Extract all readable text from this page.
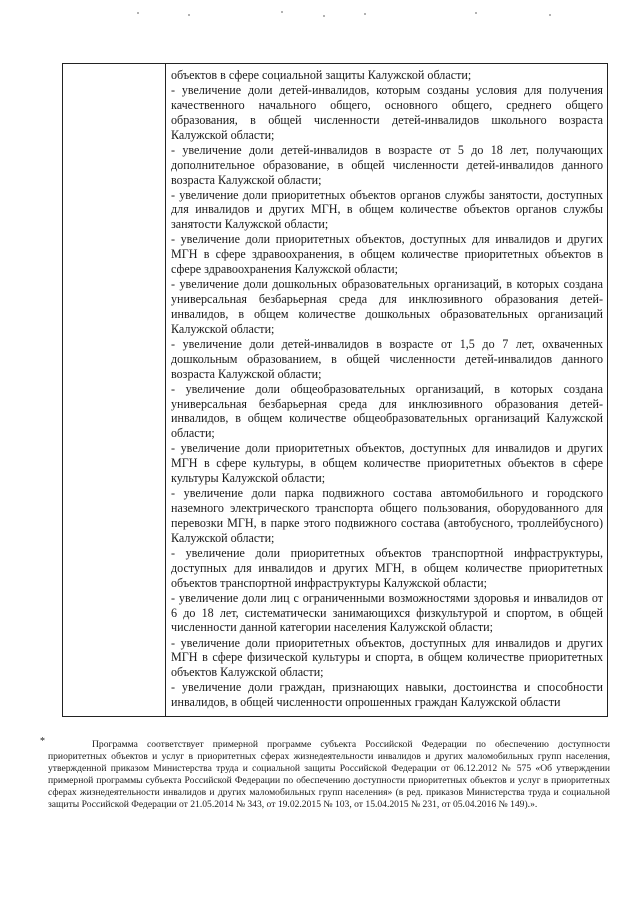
объектов в сфере социальной защиты Калужской области;

- увеличение доли детей-инвалидов, которым созданы условия для получения качественного начального общего, основного общего, среднего общего образования, в общей численности детей-инвалидов школьного возраста Калужской области;

- увеличение доли детей-инвалидов в возрасте от 5 до 18 лет, получающих дополнительное образование, в общей численности детей-инвалидов данного возраста Калужской области;

- увеличение доли приоритетных объектов органов службы занятости, доступных для инвалидов и других МГН, в общем количестве объектов органов службы занятости Калужской области;

- увеличение доли приоритетных объектов, доступных для инвалидов и других МГН в сфере здравоохранения, в общем количестве приоритетных объектов в сфере здравоохранения Калужской области;

- увеличение доли дошкольных образовательных организаций, в которых создана универсальная безбарьерная среда для инклюзивного образования детей-инвалидов, в общем количестве дошкольных образовательных организаций Калужской области;

- увеличение доли детей-инвалидов в возрасте от 1,5 до 7 лет, охваченных дошкольным образованием, в общей численности детей-инвалидов данного возраста Калужской области;

- увеличение доли общеобразовательных организаций, в которых создана универсальная безбарьерная среда для инклюзивного образования детей-инвалидов, в общем количестве общеобразовательных организаций Калужской области;

- увеличение доли приоритетных объектов, доступных для инвалидов и других МГН в сфере культуры, в общем количестве приоритетных объектов в сфере культуры Калужской области;

- увеличение доли парка подвижного состава автомобильного и городского наземного электрического транспорта общего пользования, оборудованного для перевозки МГН, в парке этого подвижного состава (автобусного, троллейбусного) Калужской области;

- увеличение доли приоритетных объектов транспортной инфраструктуры, доступных для инвалидов и других МГН, в общем количестве приоритетных объектов транспортной инфраструктуры Калужской области;

- увеличение доли лиц с ограниченными возможностями здоровья и инвалидов от 6 до 18 лет, систематически занимающихся физкультурой и спортом, в общей численности данной категории населения Калужской области;

- увеличение доли приоритетных объектов, доступных для инвалидов и других МГН в сфере физической культуры и спорта, в общем количестве приоритетных объектов Калужской области;

- увеличение доли граждан, признающих навыки, достоинства и способности инвалидов, в общей численности опрошенных граждан Калужской области

*	Программа соответствует примерной программе субъекта Российской Федерации по обеспечению доступности приоритетных объектов и услуг в приоритетных сферах жизнедеятельности инвалидов и других маломобильных групп населения, утвержденной приказом Министерства труда и социальной защиты Российской Федерации от 06.12.2012 № 575 «Об утверждении примерной программы субъекта Российской Федерации по обеспечению доступности приоритетных объектов и услуг в приоритетных сферах жизнедеятельности инвалидов и других маломобильных групп населения» (в ред. приказов Министерства труда и социальной защиты Российской Федерации от 21.05.2014 № 343, от 19.02.2015 № 103, от 15.04.2015 № 231, от 05.04.2016 № 149).».
